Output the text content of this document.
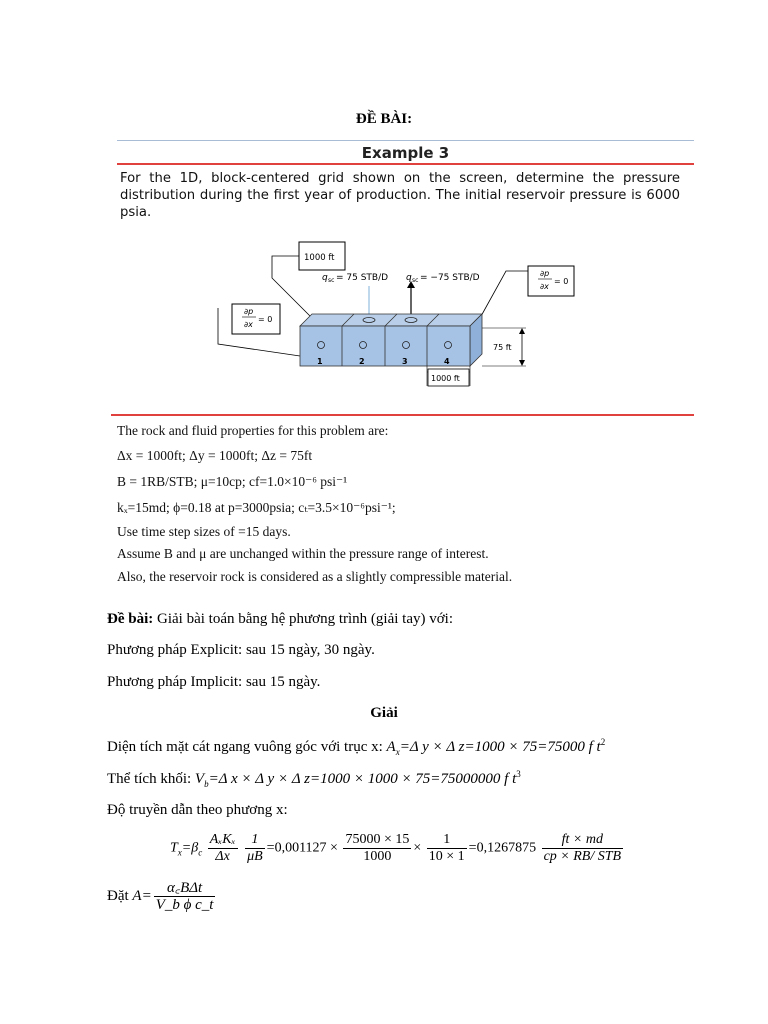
ĐỀ BÀI:
Example 3
For the 1D, block-centered grid shown on the screen, determine the pressure distribution during the first year of production. The initial reservoir pressure is 6000 psia.
1000 ft
q sc = 75 STB/D q sc = −75 STB/D	∂p
∂x
= 0
∂p
∂x
= 0
1	2	3	4
75 ft
1000 ft
The rock and fluid properties for this problem are:
Δx = 1000ft; Δy = 1000ft; Δz = 75ft
B = 1RB/STB; μ=10cp; cf=1.0×10⁻⁶ psi⁻¹
kₓ=15md; ϕ=0.18 at p=3000psia; cₜ=3.5×10⁻⁶psi⁻¹;
Use time step sizes of =15 days.
Assume B and μ are unchanged within the pressure range of interest.
Also, the reservoir rock is considered as a slightly compressible material.
Đề bài: Giải bài toán bằng hệ phương trình (giải tay) với:
Phương pháp Explicit: sau 15 ngày, 30 ngày.
Phương pháp Implicit: sau 15 ngày.
Giải
Diện tích mặt cát ngang vuông góc với trục x: $A_x=\Delta$ y × Δ z=1000 × 75=75000 f $t^2$
Thể tích khối: $V_b=\Delta$ x × Δ y × Δ z=1000 × 1000 × 75=75000000 f $t^3$
Độ truyền dẫn theo phương x:
$T_x=\beta_c \frac{\text{AₓKₓ}}{\Delta x}$
$\frac{1}{\mu B} =0,001127 \times \frac{75000 \times 15}{1000} \times \frac{1}{10 \times 1} =0,1267875 \frac{ft \times md}{\text{cp × RB/ STB}}$
Đặt $A= \frac{\text{α꜀BΔt}}{\text{V\_b ϕ c\_t}}$
